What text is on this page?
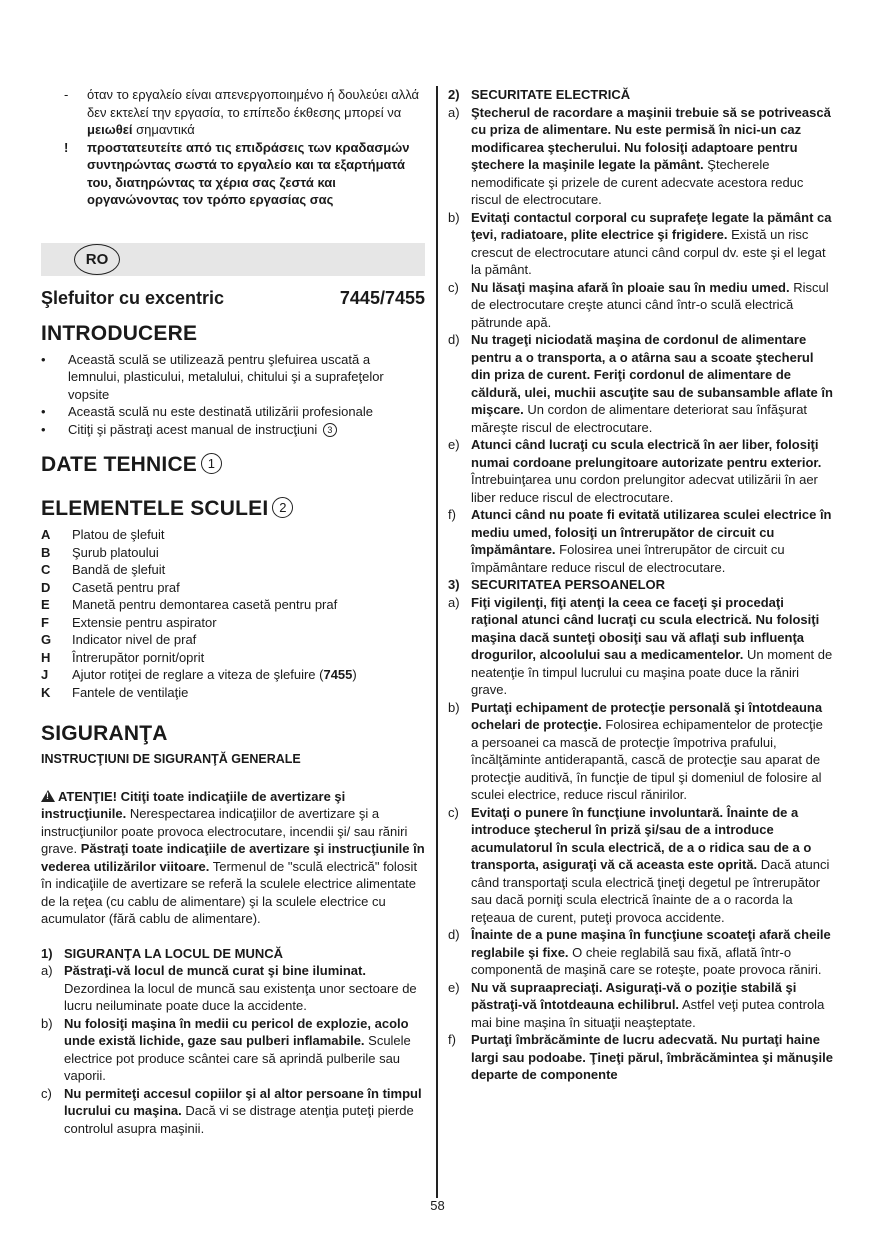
-	όταν το εργαλείο είναι απενεργοποιημένο ή δουλεύει αλλά δεν εκτελεί την εργασία, το επίπεδο έκθεσης μπορεί να μειωθεί σημαντικά
!	προστατευτείτε από τις επιδράσεις των κραδασμών συντηρώντας σωστά το εργαλείο και τα εξαρτήματά του, διατηρώντας τα χέρια σας ζεστά και οργανώνοντας τον τρόπο εργασίας σας
RO
Şlefuitor cu excentric	7445/7455
INTRODUCERE
•	Această sculă se utilizează pentru şlefuirea uscată a lemnului, plasticului, metalului, chitului şi a suprafeţelor vopsite
•	Această sculă nu este destinată utilizării profesionale
•	Citiţi şi păstraţi acest manual de instrucţiuni 3
DATE TEHNICE 1
ELEMENTELE SCULEI 2
A	Platou de şlefuit
B	Şurub platoului
C	Bandă de şlefuit
D	Casetă pentru praf
E	Manetă pentru demontarea casetă pentru praf
F	Extensie pentru aspirator
G	Indicator nivel de praf
H	Întrerupător pornit/oprit
J	Ajutor rotiţei de reglare a viteza de şlefuire (7455)
K	Fantele de ventilaţie
SIGURANŢA
INSTRUCŢIUNI DE SIGURANŢĂ GENERALE
!ATENŢIE! Citiţi toate indicaţiile de avertizare şi instrucţiunile. Nerespectarea indicaţiilor de avertizare şi a instrucţiunilor poate provoca electrocutare, incendii şi/ sau răniri grave. Păstraţi toate indicaţiile de avertizare şi instrucţiunile în vederea utilizărilor viitoare. Termenul de "sculă electrică" folosit în indicaţiile de avertizare se referă la sculele electrice alimentate de la reţea (cu cablu de alimentare) şi la sculele electrice cu acumulator (fără cablu de alimentare).
1) SIGURANŢA LA LOCUL DE MUNCĂ
a) Păstraţi-vă locul de muncă curat şi bine iluminat. Dezordinea la locul de muncă sau existenţa unor sectoare de lucru neiluminate poate duce la accidente.
b) Nu folosiţi maşina în medii cu pericol de explozie, acolo unde există lichide, gaze sau pulberi inflamabile. Sculele electrice pot produce scântei care să aprindă pulberile sau vaporii.
c) Nu permiteţi accesul copiilor şi al altor persoane în timpul lucrului cu maşina. Dacă vi se distrage atenţia puteţi pierde controlul asupra maşinii.
2) SECURITATE ELECTRICĂ
a) Ştecherul de racordare a maşinii trebuie să se potrivească cu priza de alimentare. Nu este permisă în nici-un caz modificarea ştecherului. Nu folosiţi adaptoare pentru ştechere la maşinile legate la pământ. Ştecherele nemodificate şi prizele de curent adecvate acestora reduc riscul de electrocutare.
b) Evitaţi contactul corporal cu suprafeţe legate la pământ ca ţevi, radiatoare, plite electrice şi frigidere. Există un risc crescut de electrocutare atunci când corpul dv. este şi el legat la pământ.
c) Nu lăsaţi maşina afară în ploaie sau în mediu umed. Riscul de electrocutare creşte atunci când într-o sculă electrică pătrunde apă.
d) Nu trageţi niciodată maşina de cordonul de alimentare pentru a o transporta, a o atârna sau a scoate ştecherul din priza de curent. Feriţi cordonul de alimentare de căldură, ulei, muchii ascuţite sau de subansamble aflate în mişcare. Un cordon de alimentare deteriorat sau înfăşurat măreşte riscul de electrocutare.
e) Atunci când lucraţi cu scula electrică în aer liber, folosiţi numai cordoane prelungitoare autorizate pentru exterior. Întrebuinţarea unu cordon prelungitor adecvat utilizării în aer liber reduce riscul de electrocutare.
f)	Atunci când nu poate fi evitată utilizarea sculei electrice în mediu umed, folosiţi un întrerupător de circuit cu împământare. Folosirea unei întrerupător de circuit cu împământare reduce riscul de electrocutare.
3) SECURITATEA PERSOANELOR
a) Fiţi vigilenţi, fiţi atenţi la ceea ce faceţi şi procedaţi raţional atunci când lucraţi cu scula electrică. Nu folosiţi maşina dacă sunteţi obosiţi sau vă aflaţi sub influenţa drogurilor, alcoolului sau a medicamentelor. Un moment de neatenţie în timpul lucrului cu maşina poate duce la răniri grave.
b) Purtaţi echipament de protecţie personală şi întotdeauna ochelari de protecţie. Folosirea echipamentelor de protecţie a persoanei ca mască de protecţie împotriva prafului, încălţăminte antiderapantă, cască de protecţie sau aparat de protecţie auditivă, în funcţie de tipul şi domeniul de folosire al sculei electrice, reduce riscul rănirilor.
c) Evitaţi o punere în funcţiune involuntară. Înainte de a introduce ştecherul în priză şi/sau de a introduce acumulatorul în scula electrică, de a o ridica sau de a o transporta, asiguraţi vă că aceasta este oprită. Dacă atunci când transportaţi scula electrică ţineţi degetul pe întrerupător sau dacă porniţi scula electrică înainte de a o racorda la reţeaua de curent, puteţi provoca accidente.
d) Înainte de a pune maşina în funcţiune scoateţi afară cheile reglabile şi fixe. O cheie reglabilă sau fixă, aflată într-o componentă de maşină care se roteşte, poate provoca răniri.
e) Nu vă supraapreciaţi. Asiguraţi-vă o poziţie stabilă şi păstraţi-vă întotdeauna echilibrul. Astfel veţi putea controla mai bine maşina în situaţii neaşteptate.
f)	Purtaţi îmbrăcăminte de lucru adecvată. Nu purtaţi haine largi sau podoabe. Ţineţi părul, îmbrăcămintea şi mănuşile departe de componente
58
